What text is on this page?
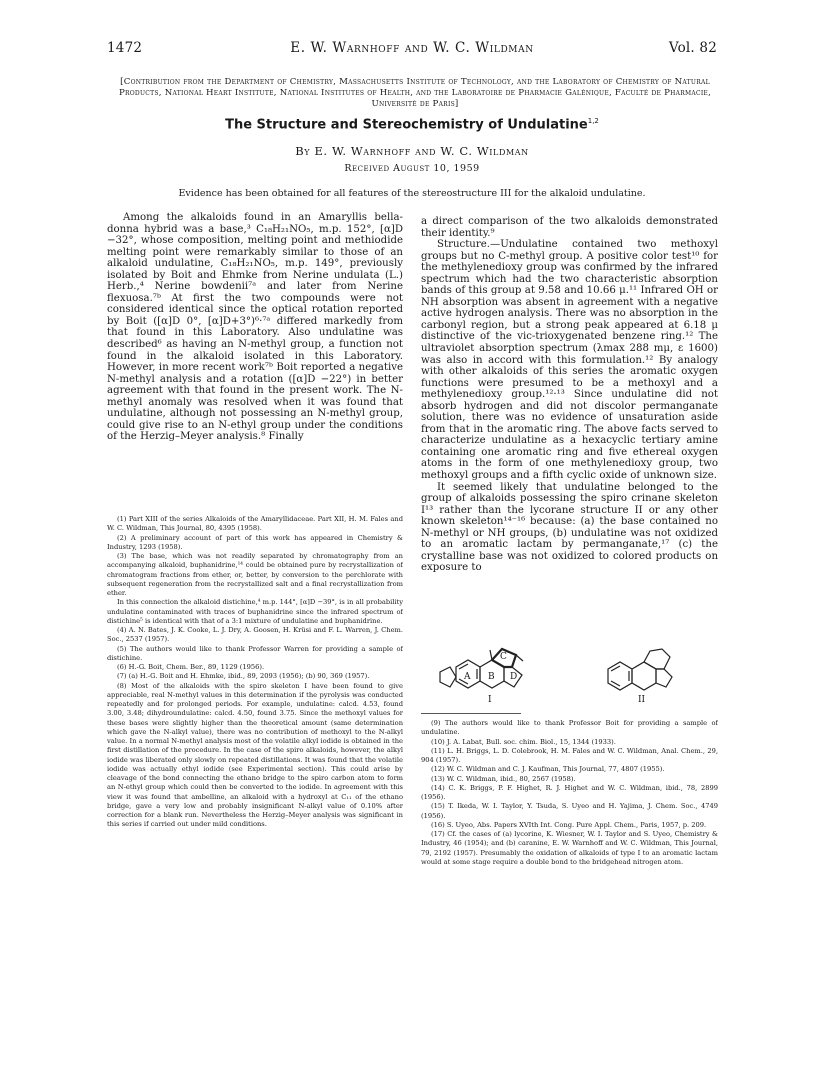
1472	E. W. Warnhoff and W. C. Wildman	Vol. 82
[Contribution from the Department of Chemistry, Massachusetts Institute of Technology, and the Laboratory of Chemistry of Natural Products, National Heart Institute, National Institutes of Health, and the Laboratoire de Pharmacie Galénique, Faculté de Pharmacie, Université de Paris]
The Structure and Stereochemistry of Undulatine$^{1,2}$
By E. W. Warnhoff and W. C. Wildman
Received August 10, 1959
Evidence has been obtained for all features of the stereostructure III for the alkaloid undulatine.

Among the alkaloids found in an Amaryllis bella-donna hybrid was a base,³ C₁₈H₂₁NO₅, m.p. 152°, [α]D −32°, whose composition, melting point and methiodide melting point were remarkably similar to those of an alkaloid undulatine, C₁₈H₂₁NO₅, m.p. 149°, previously isolated by Boit and Ehmke from Nerine undulata (L.) Herb.,⁴ Nerine bowdenii⁷ᵃ and later from Nerine flexuosa.⁷ᵇ At first the two compounds were not considered identical since the optical rotation reported by Boit ([α]D 0°, [α]D+3°)⁶·⁷ᵃ differed markedly from that found in this Laboratory. Also undulatine was described⁶ as having an N-methyl group, a function not found in the alkaloid isolated in this Laboratory. However, in more recent work⁷ᵇ Boit reported a negative N-methyl analysis and a rotation ([α]D −22°) in better agreement with that found in the present work. The N-methyl anomaly was resolved when it was found that undulatine, although not possessing an N-methyl group, could give rise to an N-ethyl group under the conditions of the Herzig–Meyer analysis.⁸ Finally

(1) Part XIII of the series Alkaloids of the Amaryllidaceae. Part XII, H. M. Fales and W. C. Wildman, This Journal, 80, 4395 (1958).

(2) A preliminary account of part of this work has appeared in Chemistry & Industry, 1293 (1958).

(3) The base, which was not readily separated by chromatography from an accompanying alkaloid, buphanidrine,¹⁴ could be obtained pure by recrystallization of chromatogram fractions from ether, or, better, by conversion to the perchlorate with subsequent regeneration from the recrystallized salt and a final recrystallization from ether.

In this connection the alkaloid distichine,⁴ m.p. 144°, [α]D −39°, is in all probability undulatine contaminated with traces of buphanidrine since the infrared spectrum of distichine⁵ is identical with that of a 3:1 mixture of undulatine and buphanidrine.

(4) A. N. Bates, J. K. Cooke, L. J. Dry, A. Goosen, H. Krüsi and F. L. Warren, J. Chem. Soc., 2537 (1957).

(5) The authors would like to thank Professor Warren for providing a sample of distichine.

(6) H.-G. Boit, Chem. Ber., 89, 1129 (1956).

(7) (a) H.-G. Boit and H. Ehmke, ibid., 89, 2093 (1956); (b) 90, 369 (1957).

(8) Most of the alkaloids with the spiro skeleton I have been found to give appreciable, real N-methyl values in this determination if the pyrolysis was conducted repeatedly and for prolonged periods. For example, undulatine: calcd. 4.53, found 3.00, 3.48; dihydroundulatine: calcd. 4.50, found 3.75. Since the methoxyl values for these bases were slightly higher than the theoretical amount (same determination which gave the N-alkyl value), there was no contribution of methoxyl to the N-alkyl value. In a normal N-methyl analysis most of the volatile alkyl iodide is obtained in the first distillation of the procedure. In the case of the spiro alkaloids, however, the alkyl iodide was liberated only slowly on repeated distillations. It was found that the volatile iodide was actually ethyl iodide (see Experimental section). This could arise by cleavage of the bond connecting the ethano bridge to the spiro carbon atom to form an N-ethyl group which could then be converted to the iodide. In agreement with this view it was found that ambelline, an alkaloid with a hydroxyl at C₁₁ of the ethano bridge, gave a very low and probably insignificant N-alkyl value of 0.10% after correction for a blank run. Nevertheless the Herzig–Meyer analysis was significant in this series if carried out under mild conditions.

a direct comparison of the two alkaloids demonstrated their identity.⁹

Structure.—Undulatine contained two methoxyl groups but no C-methyl group. A positive color test¹⁰ for the methylenedioxy group was confirmed by the infrared spectrum which had the two characteristic absorption bands of this group at 9.58 and 10.66 μ.¹¹ Infrared OH or NH absorption was absent in agreement with a negative active hydrogen analysis. There was no absorption in the carbonyl region, but a strong peak appeared at 6.18 μ distinctive of the vic-trioxygenated benzene ring.¹² The ultraviolet absorption spectrum (λmax 288 mμ, ε 1600) was also in accord with this formulation.¹² By analogy with other alkaloids of this series the aromatic oxygen functions were presumed to be a methoxyl and a methylenedioxy group.¹²·¹³ Since undulatine did not absorb hydrogen and did not discolor permanganate solution, there was no evidence of unsaturation aside from that in the aromatic ring. The above facts served to characterize undulatine as a hexacyclic tertiary amine containing one aromatic ring and five ethereal oxygen atoms in the form of one methylenedioxy group, two methoxyl groups and a fifth cyclic oxide of unknown size.

It seemed likely that undulatine belonged to the group of alkaloids possessing the spiro crinane skeleton I¹³ rather than the lycorane structure II or any other known skeleton¹⁴⁻¹⁶ because: (a) the base contained no N-methyl or NH groups, (b) undulatine was not oxidized to an aromatic lactam by permanganate,¹⁷ (c) the crystalline base was not oxidized to colored products on exposure to

A B
C
D
I	II

(9) The authors would like to thank Professor Boit for providing a sample of undulatine.

(10) J. A. Labat, Bull. soc. chim. Biol., 15, 1344 (1933).

(11) L. H. Briggs, L. D. Colebrook, H. M. Fales and W. C. Wildman, Anal. Chem., 29, 904 (1957).

(12) W. C. Wildman and C. J. Kaufman, This Journal, 77, 4807 (1955).

(13) W. C. Wildman, ibid., 80, 2567 (1958).

(14) C. K. Briggs, P. F. Highet, R. J. Highet and W. C. Wildman, ibid., 78, 2899 (1956).

(15) T. Ikeda, W. I. Taylor, Y. Tsuda, S. Uyeo and H. Yajima, J. Chem. Soc., 4749 (1956).

(16) S. Uyeo, Abs. Papers XVIth Int. Cong. Pure Appl. Chem., Paris, 1957, p. 209.

(17) Cf. the cases of (a) lycorine, K. Wiesner, W. I. Taylor and S. Uyeo, Chemistry & Industry, 46 (1954); and (b) caranine, E. W. Warnhoff and W. C. Wildman, This Journal, 79, 2192 (1957). Presumably the oxidation of alkaloids of type I to an aromatic lactam would at some stage require a double bond to the bridgehead nitrogen atom.
